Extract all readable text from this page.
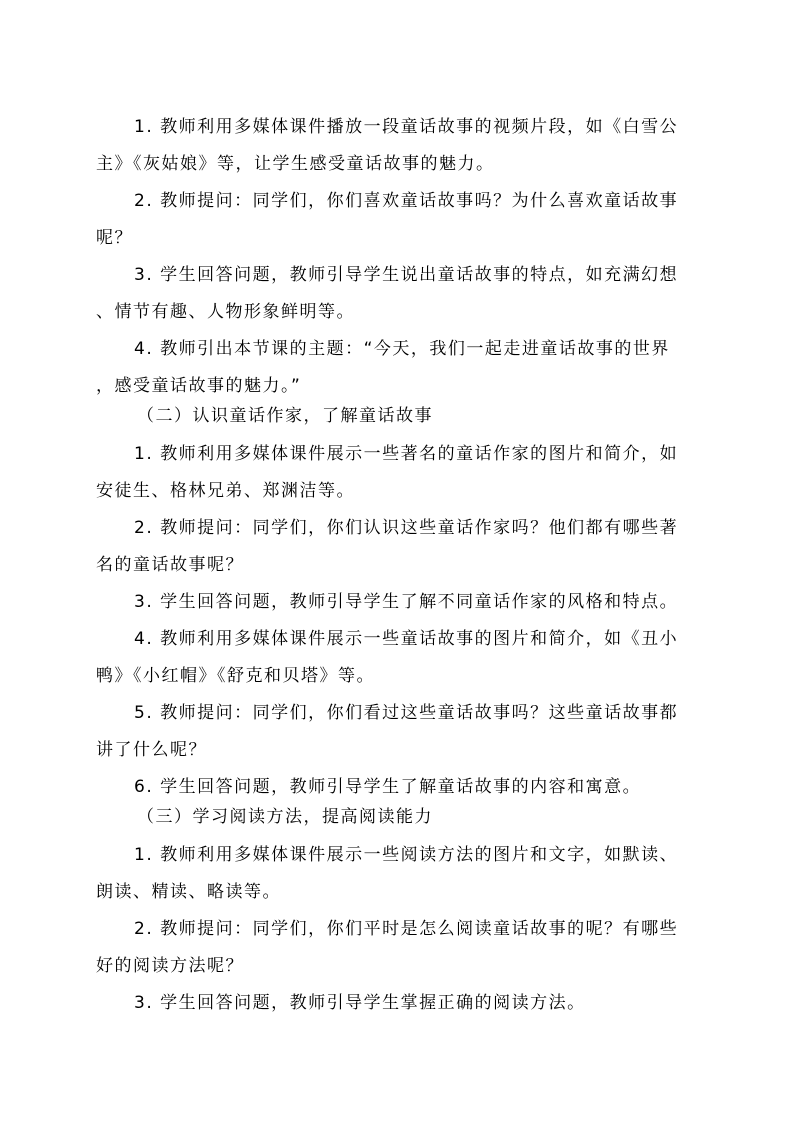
1. 教师利用多媒体课件播放一段童话故事的视频片段，如《白雪公
主》《灰姑娘》等，让学生感受童话故事的魅力。
2. 教师提问：同学们，你们喜欢童话故事吗？为什么喜欢童话故事
呢？
3. 学生回答问题，教师引导学生说出童话故事的特点，如充满幻想
、情节有趣、人物形象鲜明等。
4. 教师引出本节课的主题：“今天，我们一起走进童话故事的世界
，感受童话故事的魅力。”
（二）认识童话作家，了解童话故事
1. 教师利用多媒体课件展示一些著名的童话作家的图片和简介，如
安徒生、格林兄弟、郑渊洁等。
2. 教师提问：同学们，你们认识这些童话作家吗？他们都有哪些著
名的童话故事呢？
3. 学生回答问题，教师引导学生了解不同童话作家的风格和特点。
4. 教师利用多媒体课件展示一些童话故事的图片和简介，如《丑小
鸭》《小红帽》《舒克和贝塔》等。
5. 教师提问：同学们，你们看过这些童话故事吗？这些童话故事都
讲了什么呢？
6. 学生回答问题，教师引导学生了解童话故事的内容和寓意。
（三）学习阅读方法，提高阅读能力
1. 教师利用多媒体课件展示一些阅读方法的图片和文字，如默读、
朗读、精读、略读等。
2. 教师提问：同学们，你们平时是怎么阅读童话故事的呢？有哪些
好的阅读方法呢？
3. 学生回答问题，教师引导学生掌握正确的阅读方法。
